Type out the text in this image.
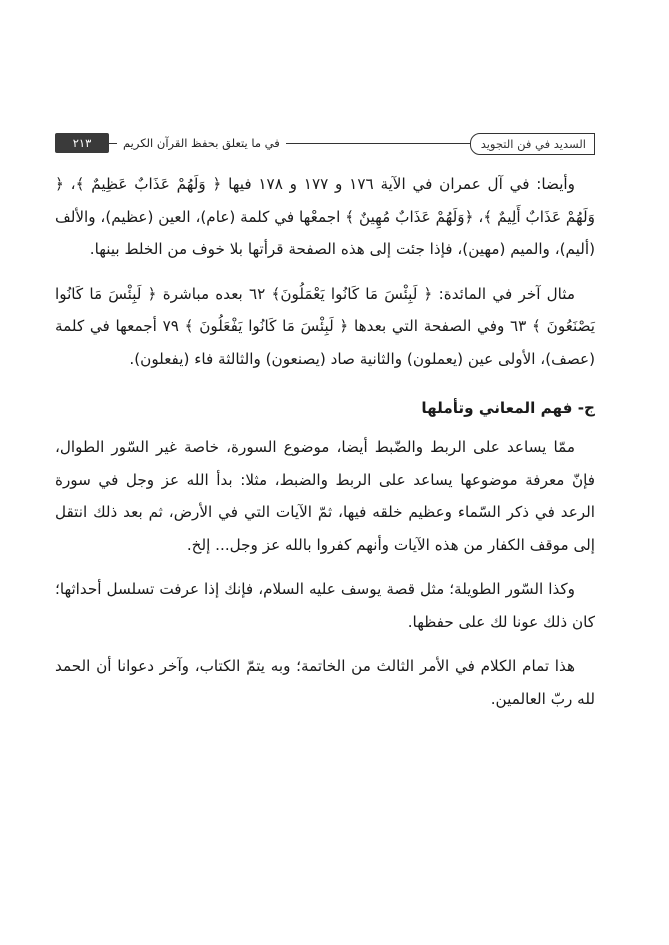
السديد في فن التجويد
في ما يتعلق بحفظ القرآن الكريم
٢١٣

وأيضا: في آل عمران في الآية ١٧٦ و ١٧٧ و ١٧٨ فيها ﴿ وَلَهُمْ عَذَابٌ عَظِيمٌ ﴾، ﴿ وَلَهُمْ عَذَابٌ أَلِيمٌ ﴾، ﴿وَلَهُمْ عَذَابٌ مُهِينٌ ﴾ اجمعْها في كلمة (عام)، العين (عظيم)، والألف (أليم)، والميم (مهين)، فإذا جئت إلى هذه الصفحة قرأتها بلا خوف من الخلط بينها.

مثال آخر في المائدة: ﴿ لَبِئْسَ مَا كَانُوا يَعْمَلُونَ﴾ ٦٢ بعده مباشرة ﴿ لَبِئْسَ مَا كَانُوا يَصْنَعُونَ ﴾ ٦٣ وفي الصفحة التي بعدها ﴿ لَبِئْسَ مَا كَانُوا يَفْعَلُونَ ﴾ ٧٩ أجمعها في كلمة (عصف)، الأولى عين (يعملون) والثانية صاد (يصنعون) والثالثة فاء (يفعلون).

ج- فهم المعاني وتأملها

ممّا يساعد على الربط والضّبط أيضا، موضوع السورة، خاصة غير السّور الطوال، فإنّ معرفة موضوعها يساعد على الربط والضبط، مثلا: بدأ الله عز وجل في سورة الرعد في ذكر السّماء وعظيم خلقه فيها، ثمّ الآيات التي في الأرض، ثم بعد ذلك انتقل إلى موقف الكفار من هذه الآيات وأنهم كفروا بالله عز وجل... إلخ.

وكذا السّور الطويلة؛ مثل قصة يوسف عليه السلام، فإنك إذا عرفت تسلسل أحداثها؛ كان ذلك عونا لك على حفظها.

هذا تمام الكلام في الأمر الثالث من الخاتمة؛ وبه يتمّ الكتاب، وآخر دعوانا أن الحمد لله ربّ العالمين.
